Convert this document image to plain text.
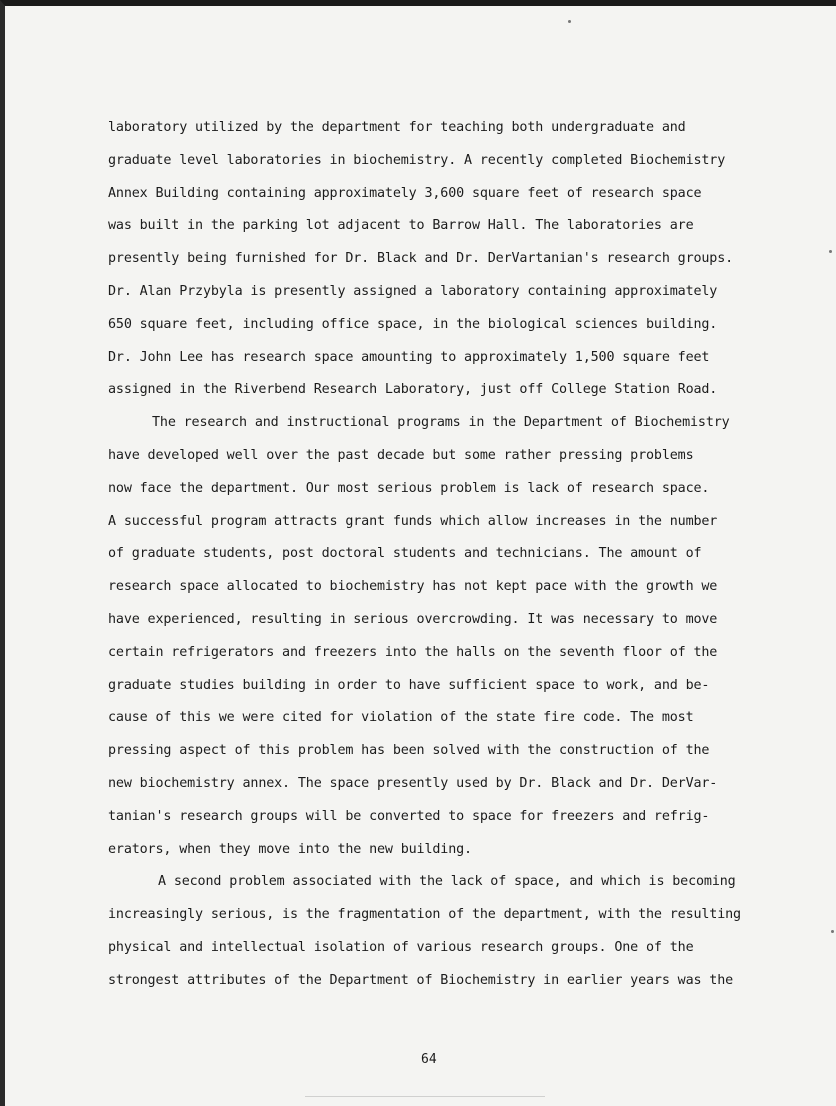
laboratory utilized by the department for teaching both undergraduate and
graduate level laboratories in biochemistry. A recently completed Biochemistry
Annex Building containing approximately 3,600 square feet of research space
was built in the parking lot adjacent to Barrow Hall. The laboratories are
presently being furnished for Dr. Black and Dr. DerVartanian's research groups.
Dr. Alan Przybyla is presently assigned a laboratory containing approximately
650 square feet, including office space, in the biological sciences building.
Dr. John Lee has research space amounting to approximately 1,500 square feet
assigned in the Riverbend Research Laboratory, just off College Station Road.
The research and instructional programs in the Department of Biochemistry
have developed well over the past decade but some rather pressing problems
now face the department. Our most serious problem is lack of research space.
A successful program attracts grant funds which allow increases in the number
of graduate students, post doctoral students and technicians. The amount of
research space allocated to biochemistry has not kept pace with the growth we
have experienced, resulting in serious overcrowding. It was necessary to move
certain refrigerators and freezers into the halls on the seventh floor of the
graduate studies building in order to have sufficient space to work, and be-
cause of this we were cited for violation of the state fire code. The most
pressing aspect of this problem has been solved with the construction of the
new biochemistry annex. The space presently used by Dr. Black and Dr. DerVar-
tanian's research groups will be converted to space for freezers and refrig-
erators, when they move into the new building.
A second problem associated with the lack of space, and which is becoming
increasingly serious, is the fragmentation of the department, with the resulting
physical and intellectual isolation of various research groups. One of the
strongest attributes of the Department of Biochemistry in earlier years was the
64
